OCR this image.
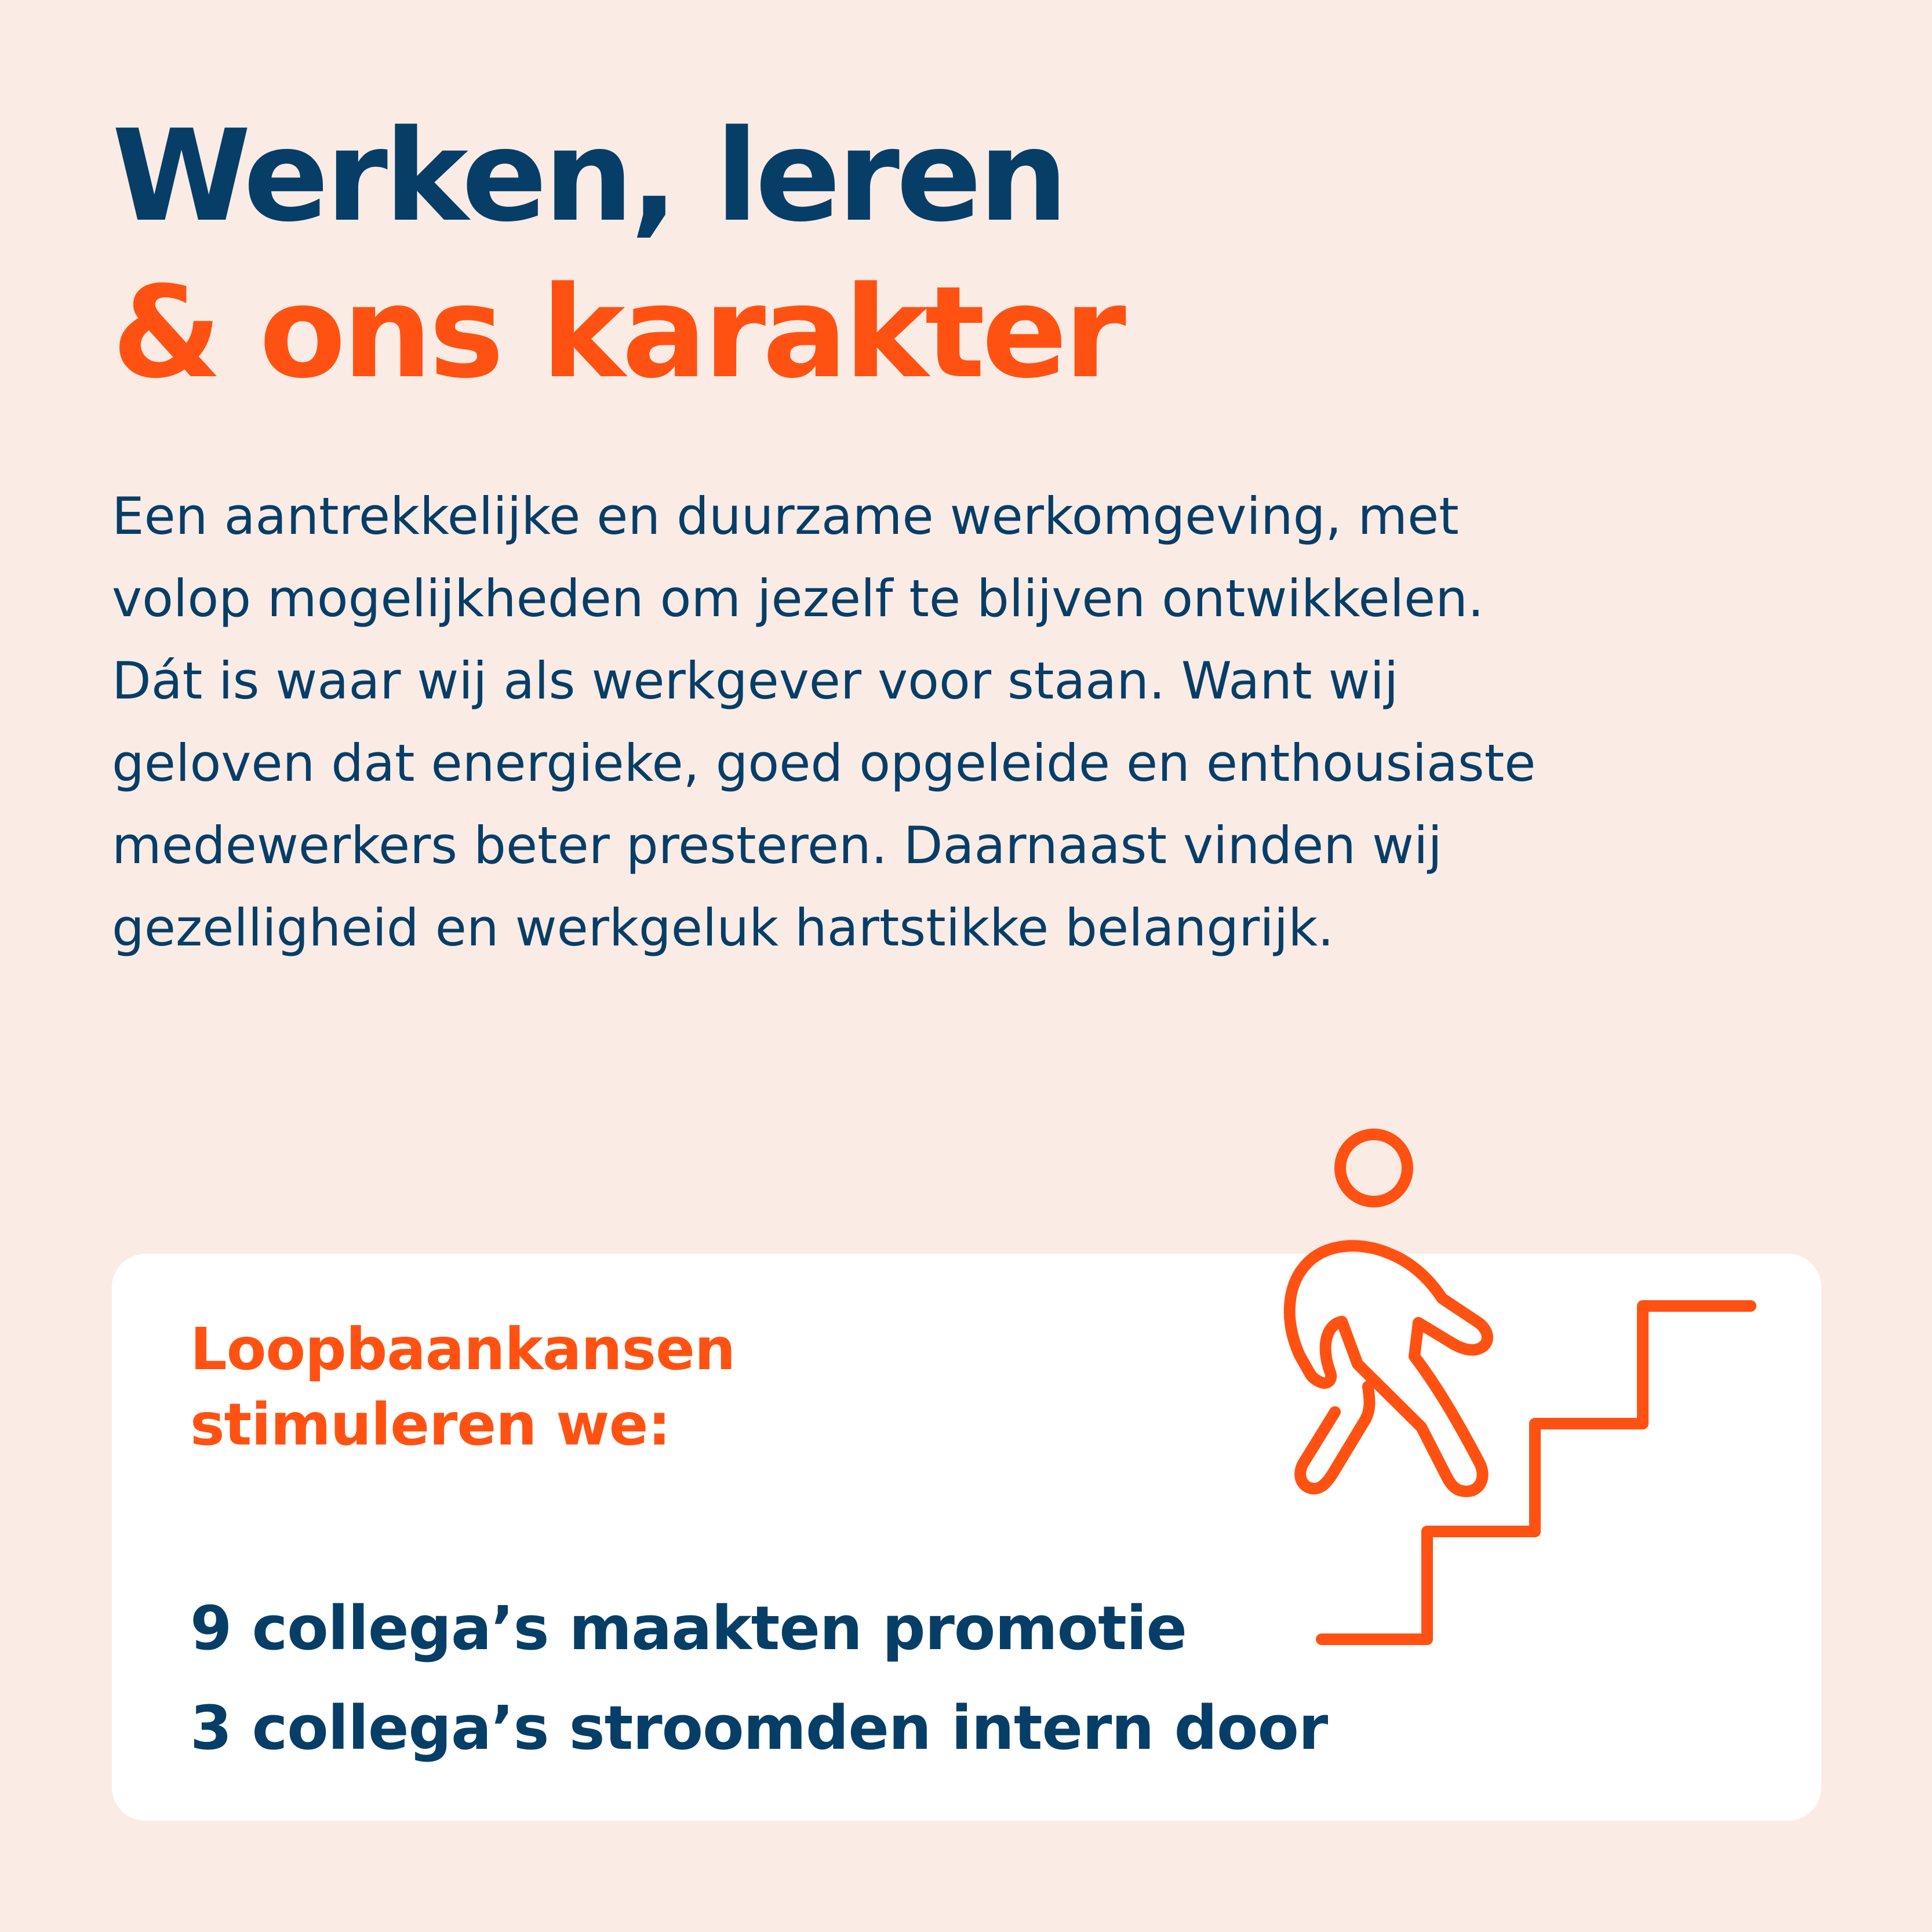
Werken, leren
& ons karakter

Een aantrekkelijke en duurzame werkomgeving, met
volop mogelijkheden om jezelf te blijven ontwikkelen.
Dát is waar wij als werkgever voor staan. Want wij
geloven dat energieke, goed opgeleide en enthousiaste
medewerkers beter presteren. Daarnaast vinden wij
gezelligheid en werkgeluk hartstikke belangrijk.

Loopbaankansen
stimuleren we:
9 collega’s maakten promotie
3 collega’s stroomden intern door
